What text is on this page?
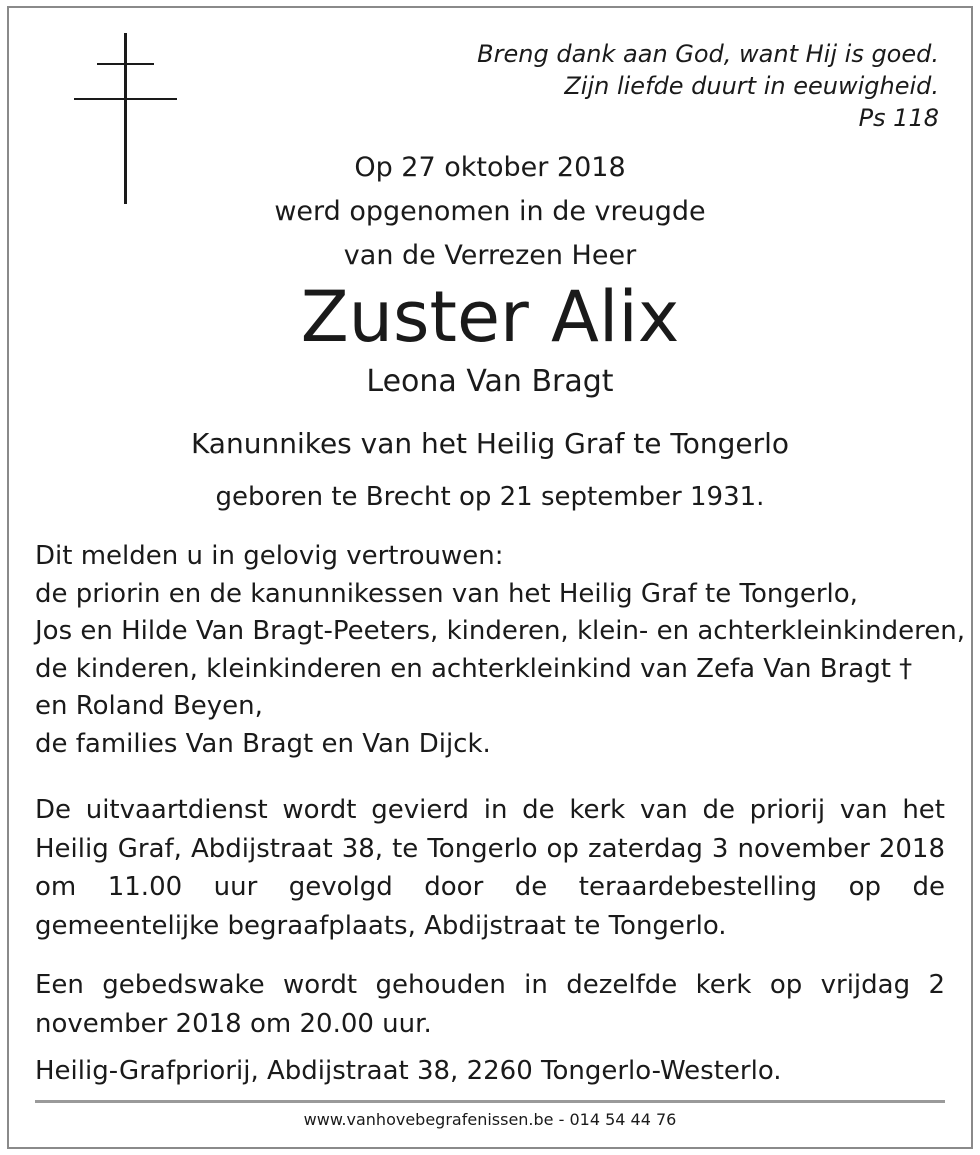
Breng dank aan God, want Hij is goed.
Zijn liefde duurt in eeuwigheid.
Ps 118
Op 27 oktober 2018
werd opgenomen in de vreugde
van de Verrezen Heer
Zuster Alix
Leona Van Bragt
Kanunnikes van het Heilig Graf te Tongerlo
geboren te Brecht op 21 september 1931.
Dit melden u in gelovig vertrouwen:
de priorin en de kanunnikessen van het Heilig Graf te Tongerlo,
Jos en Hilde Van Bragt-Peeters, kinderen, klein- en achterkleinkinderen,
de kinderen, kleinkinderen en achterkleinkind van Zefa Van Bragt †
en Roland Beyen,
de families Van Bragt en Van Dijck.
De uitvaartdienst wordt gevierd in de kerk van de priorij van het Heilig Graf, Abdijstraat 38, te Tongerlo op zaterdag 3 november 2018 om 11.00 uur gevolgd door de teraardebestelling op de gemeentelijke begraafplaats, Abdijstraat te Tongerlo.
Een gebedswake wordt gehouden in dezelfde kerk op vrijdag 2 november 2018 om 20.00 uur.
Heilig-Grafpriorij, Abdijstraat 38, 2260 Tongerlo-Westerlo.
www.vanhovebegrafenissen.be - 014 54 44 76
